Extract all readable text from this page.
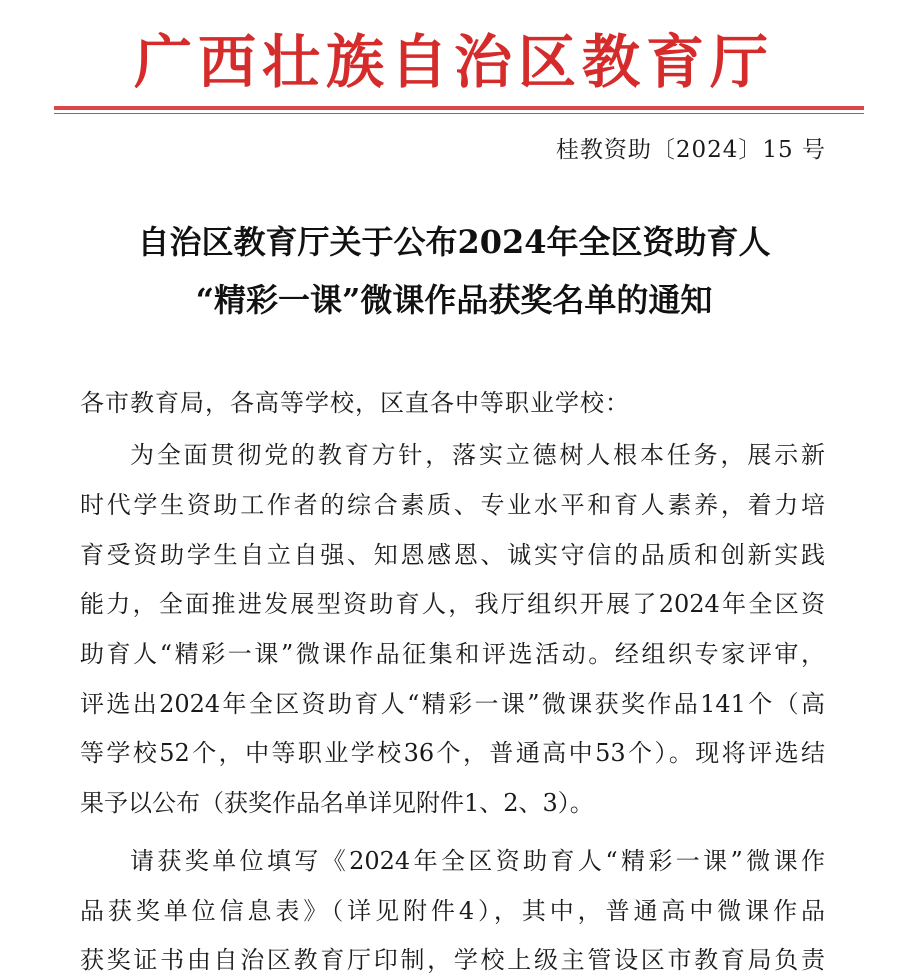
广西壮族自治区教育厅
桂教资助〔2024〕15 号
自治区教育厅关于公布2024年全区资助育人
“精彩一课”微课作品获奖名单的通知
各市教育局，各高等学校，区直各中等职业学校：
为全面贯彻党的教育方针，落实立德树人根本任务，展示新
时代学生资助工作者的综合素质、专业水平和育人素养，着力培
育受资助学生自立自强、知恩感恩、诚实守信的品质和创新实践
能力，全面推进发展型资助育人，我厅组织开展了2024年全区资
助育人“精彩一课”微课作品征集和评选活动。经组织专家评审，
评选出2024年全区资助育人“精彩一课”微课获奖作品141个（高
等学校52个，中等职业学校36个，普通高中53个）。现将评选结
果予以公布（获奖作品名单详见附件1、2、3）。
请获奖单位填写《2024年全区资助育人“精彩一课”微课作
品获奖单位信息表》（详见附件4），其中，普通高中微课作品
获奖证书由自治区教育厅印制，学校上级主管设区市教育局负责
